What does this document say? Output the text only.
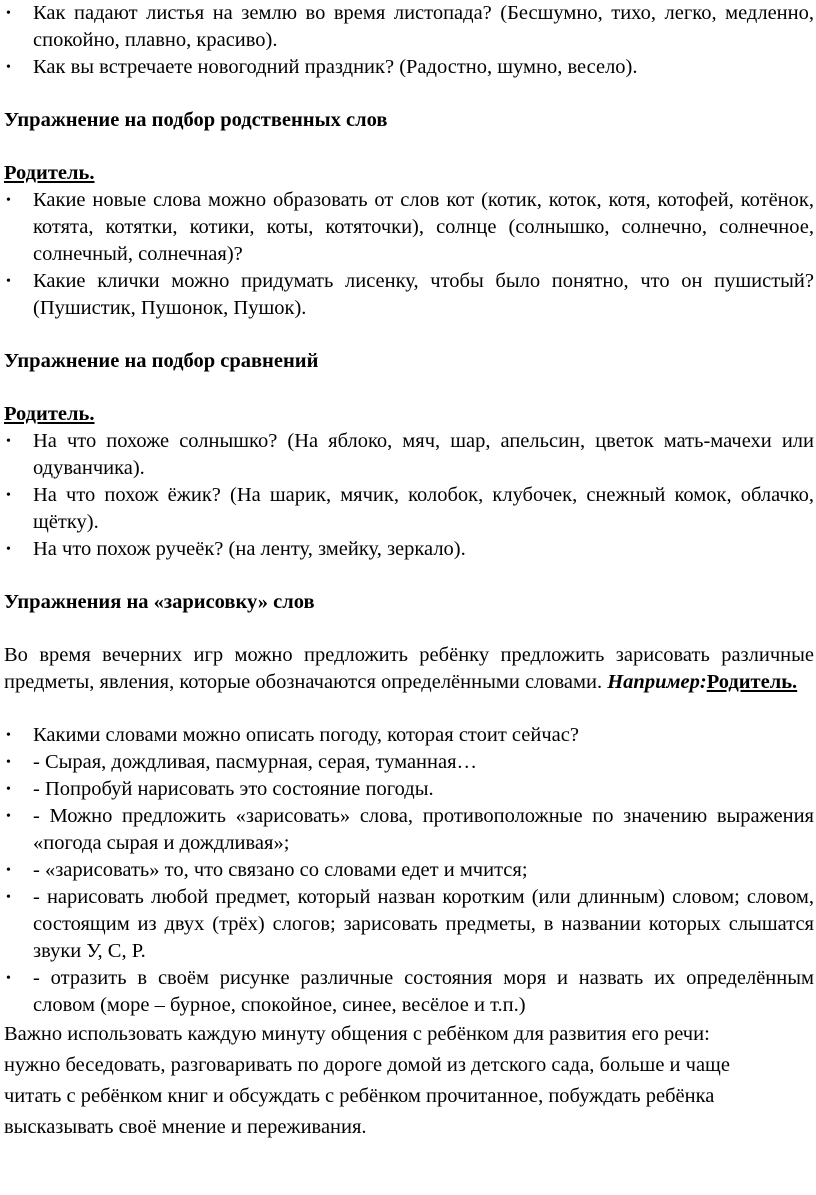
• Как падают листья на землю во время листопада? (Бесшумно, тихо, легко, медленно, спокойно, плавно, красиво).
• Как вы встречаете новогодний праздник? (Радостно, шумно, весело).

Упражнение на подбор родственных слов

Родитель.

• Какие новые слова можно образовать от слов кот (котик, коток, котя, котофей, котёнок, котята, котятки, котики, коты, котяточки), солнце (солнышко, солнечно, солнечное, солнечный, солнечная)?
• Какие клички можно придумать лисенку, чтобы было понятно, что он пушистый? (Пушистик, Пушонок, Пушок).

Упражнение на подбор сравнений

Родитель.

• На что похоже солнышко? (На яблоко, мяч, шар, апельсин, цветок мать-мачехи или одуванчика).
• На что похож ёжик? (На шарик, мячик, колобок, клубочек, снежный комок, облачко, щётку).
• На что похож ручеёк? (на ленту, змейку, зеркало).

Упражнения на «зарисовку» слов

Во время вечерних игр можно предложить ребёнку предложить зарисовать различные предметы, явления, которые обозначаются определёнными словами. Например:Родитель.

• Какими словами можно описать погоду, которая стоит сейчас?
• - Сырая, дождливая, пасмурная, серая, туманная…
• - Попробуй нарисовать это состояние погоды.
• - Можно предложить «зарисовать» слова, противоположные по значению выражения «погода сырая и дождливая»;
• - «зарисовать» то, что связано со словами едет и мчится;
• - нарисовать любой предмет, который назван коротким (или длинным) словом; словом, состоящим из двух (трёх) слогов; зарисовать предметы, в названии которых слышатся звуки У, С, Р.
• - отразить в своём рисунке различные состояния моря и назвать их определённым словом (море – бурное, спокойное, синее, весёлое и т.п.)

Важно использовать каждую минуту общения с ребёнком для развития его речи:

нужно беседовать, разговаривать по дороге домой из детского сада, больше и чаще

читать с ребёнком книг и обсуждать с ребёнком прочитанное, побуждать ребёнка

высказывать своё мнение и переживания.
